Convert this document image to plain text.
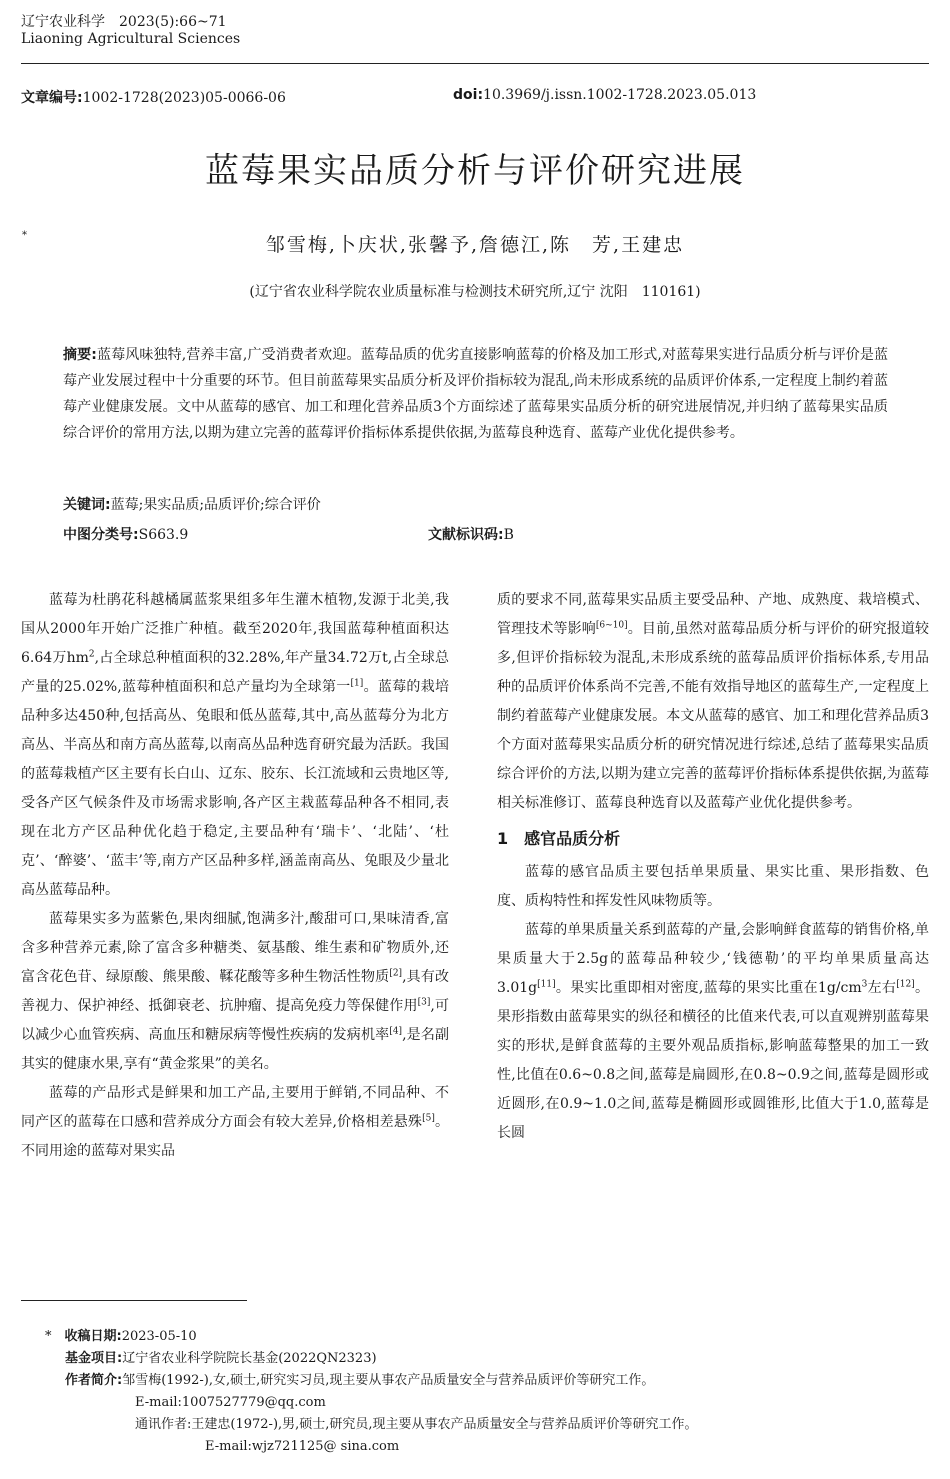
辽宁农业科学　 2023(5):66~71
Liaoning Agricultural Sciences
文章编号:1002-1728(2023)05-0066-06	doi:10.3969/j.issn.1002-1728.2023.05.013
蓝莓果实品质分析与评价研究进展
*	邹雪梅,卜庆状,张馨予,詹德江,陈　芳,王建忠
(辽宁省农业科学院农业质量标准与检测技术研究所,辽宁 沈阳　110161)
摘要:蓝莓风味独特,营养丰富,广受消费者欢迎。蓝莓品质的优劣直接影响蓝莓的价格及加工形式,对蓝莓果实进行品质分析与评价是蓝莓产业发展过程中十分重要的环节。但目前蓝莓果实品质分析及评价指标较为混乱,尚未形成系统的品质评价体系,一定程度上制约着蓝莓产业健康发展。文中从蓝莓的感官、加工和理化营养品质3个方面综述了蓝莓果实品质分析的研究进展情况,并归纳了蓝莓果实品质综合评价的常用方法,以期为建立完善的蓝莓评价指标体系提供依据,为蓝莓良种选育、蓝莓产业优化提供参考。
关键词:蓝莓;果实品质;品质评价;综合评价
中图分类号:S663.9	文献标识码:B

蓝莓为杜鹃花科越橘属蓝浆果组多年生灌木植物,发源于北美,我国从2000年开始广泛推广种植。截至2020年,我国蓝莓种植面积达6.64万$hm^2$,占全球总种植面积的32.28%,年产量34.72万t,占全球总产量的25.02%,蓝莓种植面积和总产量均为全球第一[1]。蓝莓的栽培品种多达450种,包括高丛、兔眼和低丛蓝莓,其中,高丛蓝莓分为北方高丛、半高丛和南方高丛蓝莓,以南高丛品种选育研究最为活跃。我国的蓝莓栽植产区主要有长白山、辽东、胶东、长江流域和云贵地区等,受各产区气候条件及市场需求影响,各产区主栽蓝莓品种各不相同,表现在北方产区品种优化趋于稳定,主要品种有‘瑞卡’、‘北陆’、‘杜克’、‘醉婆’、‘蓝丰’等,南方产区品种多样,涵盖南高丛、兔眼及少量北高丛蓝莓品种。

蓝莓果实多为蓝紫色,果肉细腻,饱满多汁,酸甜可口,果味清香,富含多种营养元素,除了富含多种糖类、氨基酸、维生素和矿物质外,还富含花色苷、绿原酸、熊果酸、鞣花酸等多种生物活性物质[2],具有改善视力、保护神经、抵御衰老、抗肿瘤、提高免疫力等保健作用[3],可以减少心血管疾病、高血压和糖尿病等慢性疾病的发病机率[4],是名副其实的健康水果,享有“黄金浆果”的美名。

蓝莓的产品形式是鲜果和加工产品,主要用于鲜销,不同品种、不同产区的蓝莓在口感和营养成分方面会有较大差异,价格相差悬殊[5]。不同用途的蓝莓对果实品

质的要求不同,蓝莓果实品质主要受品种、产地、成熟度、栽培模式、管理技术等影响[6~10]。目前,虽然对蓝莓品质分析与评价的研究报道较多,但评价指标较为混乱,未形成系统的蓝莓品质评价指标体系,专用品种的品质评价体系尚不完善,不能有效指导地区的蓝莓生产,一定程度上制约着蓝莓产业健康发展。本文从蓝莓的感官、加工和理化营养品质3个方面对蓝莓果实品质分析的研究情况进行综述,总结了蓝莓果实品质综合评价的方法,以期为建立完善的蓝莓评价指标体系提供依据,为蓝莓相关标准修订、蓝莓良种选育以及蓝莓产业优化提供参考。

1　感官品质分析

蓝莓的感官品质主要包括单果质量、果实比重、果形指数、色度、质构特性和挥发性风味物质等。

蓝莓的单果质量关系到蓝莓的产量,会影响鲜食蓝莓的销售价格,单果质量大于2.5g的蓝莓品种较少,‘钱德勒’的平均单果质量高达3.01g[11]。果实比重即相对密度,蓝莓的果实比重在$1g/cm^3$左右[12]。果形指数由蓝莓果实的纵径和横径的比值来代表,可以直观辨别蓝莓果实的形状,是鲜食蓝莓的主要外观品质指标,影响蓝莓整果的加工一致性,比值在0.6~0.8之间,蓝莓是扁圆形,在0.8~0.9之间,蓝莓是圆形或近圆形,在0.9~1.0之间,蓝莓是椭圆形或圆锥形,比值大于1.0,蓝莓是长圆

*　 收稿日期:2023-05-10
基金项目:辽宁省农业科学院院长基金(2022QN2323)
作者简介:邹雪梅(1992-),女,硕士,研究实习员,现主要从事农产品质量安全与营养品质评价等研究工作。
E-mail:1007527779@qq.com
通讯作者:王建忠(1972-),男,硕士,研究员,现主要从事农产品质量安全与营养品质评价等研究工作。
E-mail:wjz721125@ sina.com
